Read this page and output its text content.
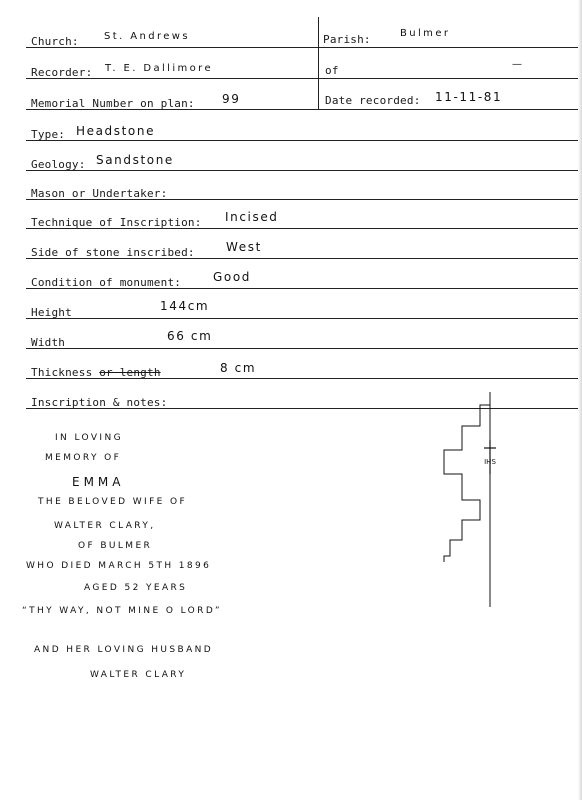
Church:	St. Andrews	Parish:	Bulmer
Recorder: T. E. Dallimore	of	—
Memorial Number on plan: 99	Date recorded: 11-11-81
Type: Headstone
Geology: Sandstone
Mason or Undertaker:
Technique of Inscription: Incised
Side of stone inscribed:	West
Condition of monument:	Good
Height	144cm
Width	66 cm
Thickness or length	8 cm
Inscription & notes:
IN LOVING
MEMORY OF
EMMA
THE BELOVED WIFE OF
WALTER CLARY,
OF BULMER
WHO DIED MARCH 5TH 1896
AGED 52 YEARS
“THY WAY, NOT MINE O LORD”
AND HER LOVING HUSBAND
WALTER CLARY
IHS
